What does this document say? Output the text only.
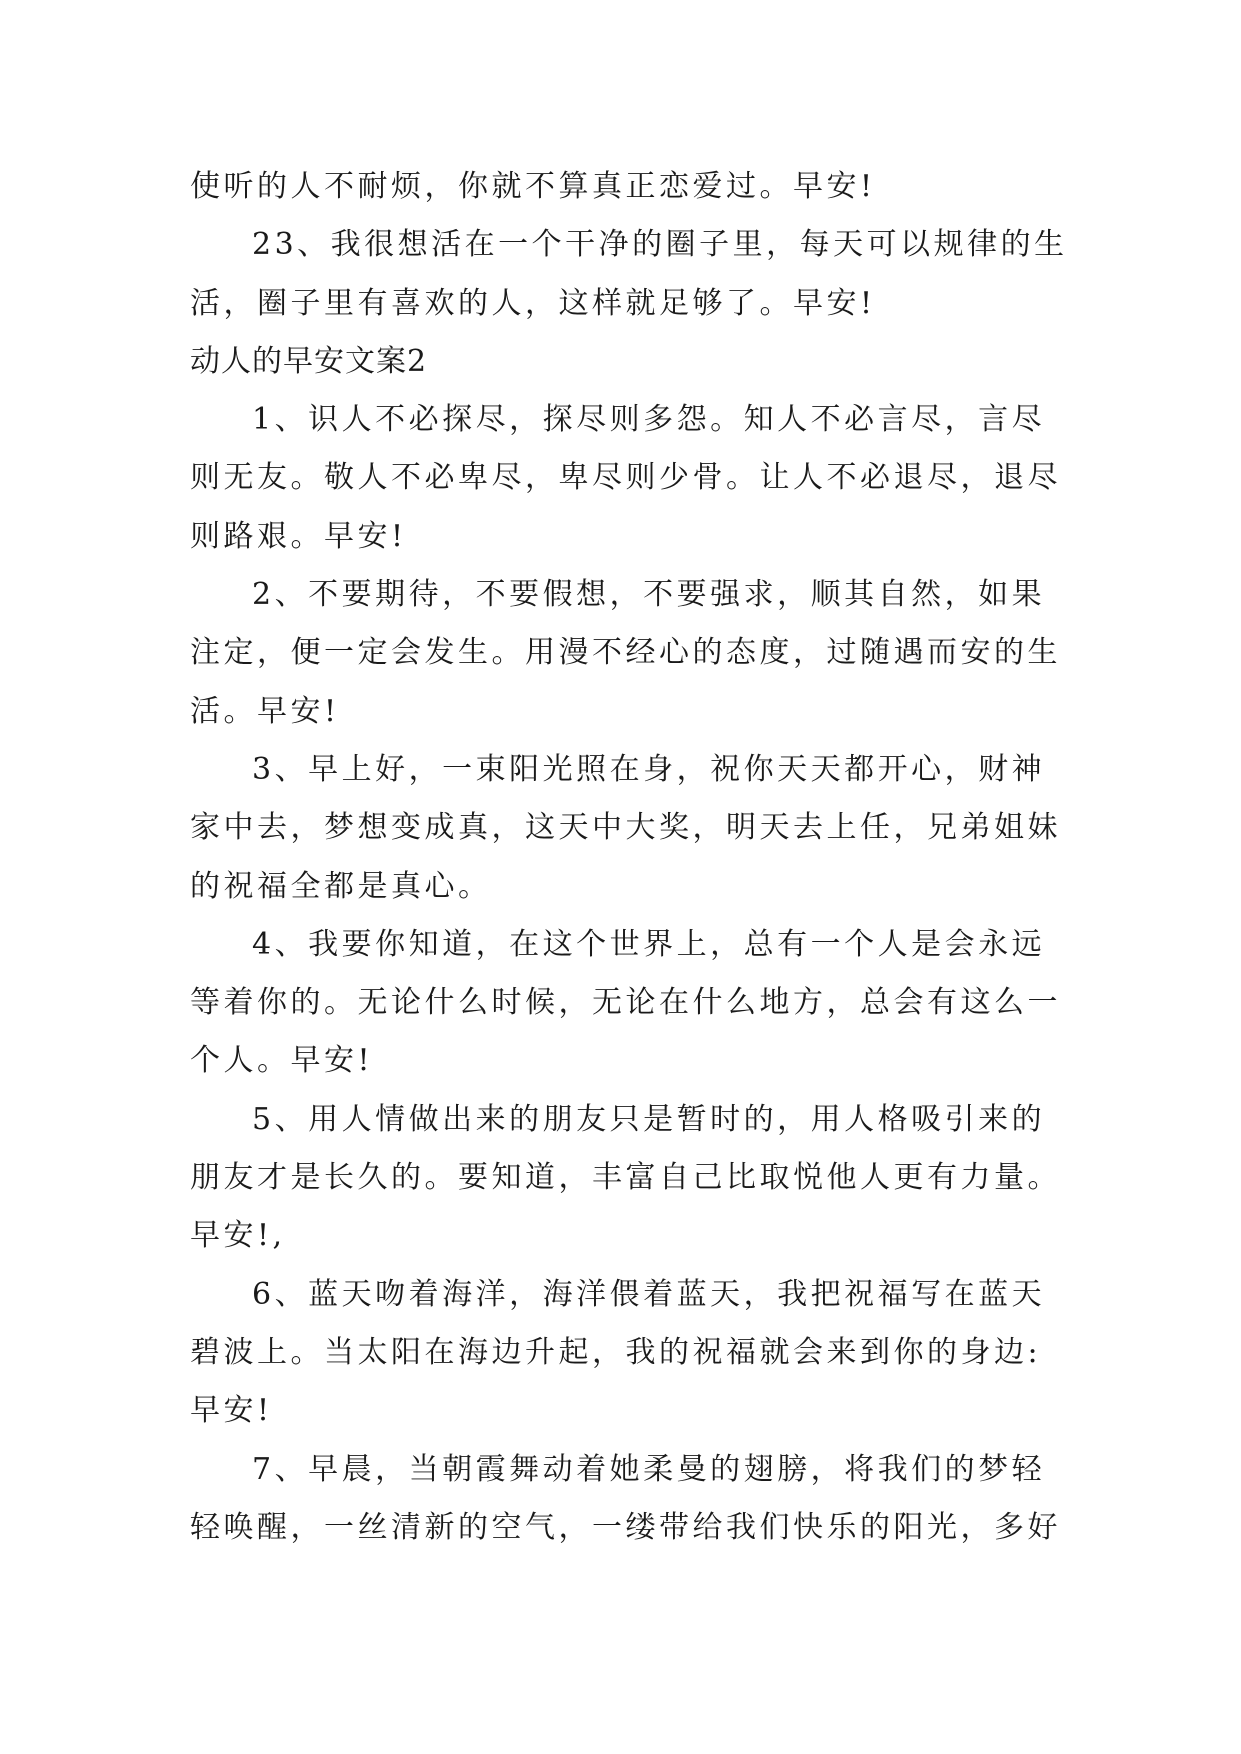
使听的人不耐烦，你就不算真正恋爱过。早安!
23、我很想活在一个干净的圈子里，每天可以规律的生
活，圈子里有喜欢的人，这样就足够了。早安!
动人的早安文案2
1、识人不必探尽，探尽则多怨。知人不必言尽，言尽
则无友。敬人不必卑尽，卑尽则少骨。让人不必退尽，退尽
则路艰。早安!
2、不要期待，不要假想，不要强求，顺其自然，如果
注定，便一定会发生。用漫不经心的态度，过随遇而安的生
活。早安!
3、早上好，一束阳光照在身，祝你天天都开心，财神
家中去，梦想变成真，这天中大奖，明天去上任，兄弟姐妹
的祝福全都是真心。
4、我要你知道，在这个世界上，总有一个人是会永远
等着你的。无论什么时候，无论在什么地方，总会有这么一
个人。早安!
5、用人情做出来的朋友只是暂时的，用人格吸引来的
朋友才是长久的。要知道，丰富自己比取悦他人更有力量。
早安!,
6、蓝天吻着海洋，海洋偎着蓝天，我把祝福写在蓝天
碧波上。当太阳在海边升起，我的祝福就会来到你的身边:
早安!
7、早晨，当朝霞舞动着她柔曼的翅膀，将我们的梦轻
轻唤醒，一丝清新的空气，一缕带给我们快乐的阳光，多好
